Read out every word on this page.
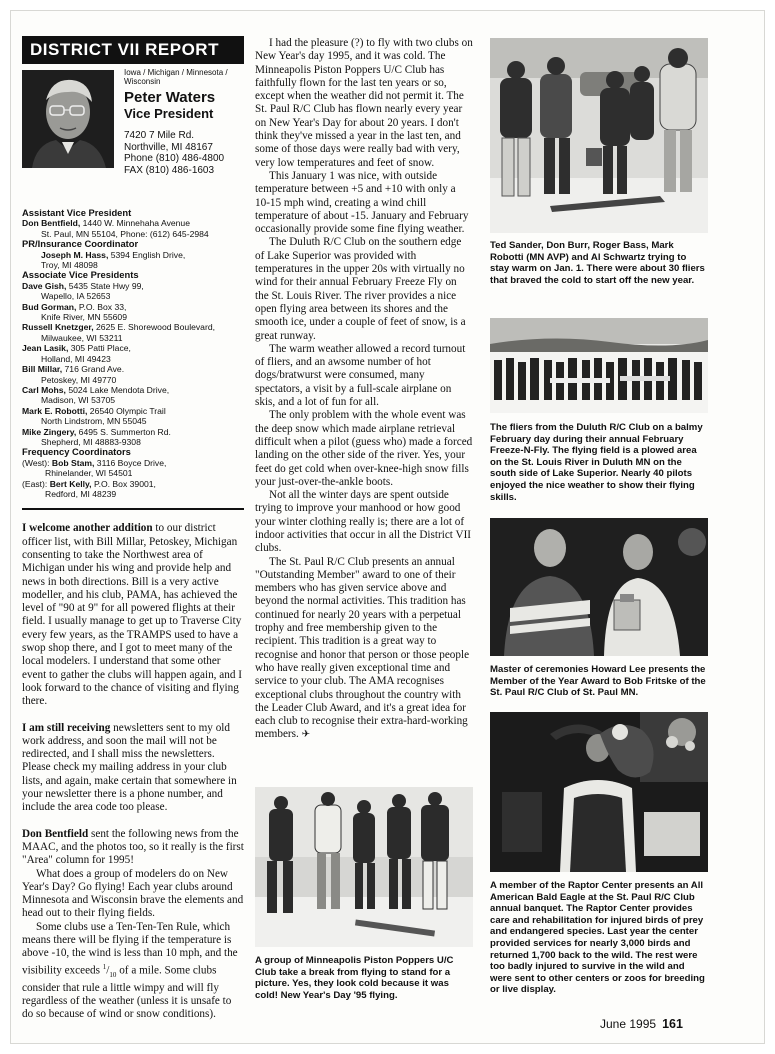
DISTRICT VII REPORT
Iowa / Michigan / Minnesota / Wisconsin
Peter Waters
Vice President
7420 7 Mile Rd.
Northville, MI 48167
Phone (810) 486-4800
FAX (810) 486-1603
Assistant Vice President
Don Bentfield, 1440 W. Minnehaha Avenue
St. Paul, MN 55104, Phone: (612) 645-2984
PR/Insurance Coordinator
Joseph M. Hass, 5394 English Drive,
Troy, MI 48098
Associate Vice Presidents
Dave Gish, 5435 State Hwy 99,
Wapello, IA 52653
Bud Gorman, P.O. Box 33,
Knife River, MN 55609
Russell Knetzger, 2625 E. Shorewood Boulevard,
Milwaukee, WI 53211
Jean Lasik, 305 Patti Place,
Holland, MI 49423
Bill Millar, 716 Grand Ave.
Petoskey, MI 49770
Carl Mohs, 5024 Lake Mendota Drive,
Madison, WI 53705
Mark E. Robotti, 26540 Olympic Trail
North Lindstrom, MN 55045
Mike Zingery, 6495 S. Summerton Rd.
Shepherd, MI 48883-9308
Frequency Coordinators
(West): Bob Stam, 3116 Boyce Drive,
Rhinelander, WI 54501
(East): Bert Kelly, P.O. Box 39001,
Redford, MI 48239

I welcome another addition to our district officer list, with Bill Millar, Petoskey, Michigan consenting to take the Northwest area of Michigan under his wing and provide help and news in both directions. Bill is a very active modeller, and his club, PAMA, has achieved the level of "90 at 9" for all powered flights at their field. I usually manage to get up to Traverse City every few years, as the TRAMPS used to have a swop shop there, and I got to meet many of the local modelers. I understand that some other event to gather the clubs will happen again, and I look forward to the chance of visiting and flying there.

I am still receiving newsletters sent to my old work address, and soon the mail will not be redirected, and I shall miss the newsletters. Please check my mailing address in your club lists, and again, make certain that somewhere in your newsletter there is a phone number, and include the area code too please.

Don Bentfield sent the following news from the MAAC, and the photos too, so it really is the first "Area" column for 1995!

What does a group of modelers do on New Year's Day? Go flying! Each year clubs around Minnesota and Wisconsin brave the elements and head out to their flying fields.

Some clubs use a Ten-Ten-Ten Rule, which means there will be flying if the temperature is above -10, the wind is less than 10 mph, and the visibility exceeds $^1/_{10}$ of a mile. Some clubs consider that rule a little wimpy and will fly regardless of the weather (unless it is unsafe to do so because of wind or snow conditions).

I had the pleasure (?) to fly with two clubs on New Year's day 1995, and it was cold. The Minneapolis Piston Poppers U/C Club has faithfully flown for the last ten years or so, except when the weather did not permit it. The St. Paul R/C Club has flown nearly every year on New Year's Day for about 20 years. I don't think they've missed a year in the last ten, and some of those days were really bad with very, very low temperatures and feet of snow.

This January 1 was nice, with outside temperature between +5 and +10 with only a 10-15 mph wind, creating a wind chill temperature of about -15. January and February occasionally provide some fine flying weather.

The Duluth R/C Club on the southern edge of Lake Superior was provided with temperatures in the upper 20s with virtually no wind for their annual February Freeze Fly on the St. Louis River. The river provides a nice open flying area between its shores and the smooth ice, under a couple of feet of snow, is a great runway.

The warm weather allowed a record turnout of fliers, and an awsome number of hot dogs/bratwurst were consumed, many spectators, a visit by a full-scale airplane on skis, and a lot of fun for all.

The only problem with the whole event was the deep snow which made airplane retrieval difficult when a pilot (guess who) made a forced landing on the other side of the river. Yes, your feet do get cold when over-knee-high snow fills your just-over-the-ankle boots.

Not all the winter days are spent outside trying to improve your manhood or how good your winter clothing really is; there are a lot of indoor activities that occur in all the District VII clubs.

The St. Paul R/C Club presents an annual "Outstanding Member" award to one of their members who has given service above and beyond the normal activities. This tradition has continued for nearly 20 years with a perpetual trophy and free membership given to the recipient. This tradition is a great way to recognise and honor that person or those people who have really given exceptional time and service to your club. The AMA recognises exceptional clubs throughout the country with the Leader Club Award, and it's a great idea for each club to recognise their extra-hard-working members. ✈

A group of Minneapolis Piston Poppers U/C Club take a break from flying to stand for a picture. Yes, they look cold because it was cold! New Year's Day '95 flying.
Ted Sander, Don Burr, Roger Bass, Mark Robotti (MN AVP) and Al Schwartz trying to stay warm on Jan. 1. There were about 30 fliers that braved the cold to start off the new year.
The fliers from the Duluth R/C Club on a balmy February day during their annual February Freeze-N-Fly. The flying field is a plowed area on the St. Louis River in Duluth MN on the south side of Lake Superior. Nearly 40 pilots enjoyed the nice weather to show their flying skills.
Master of ceremonies Howard Lee presents the Member of the Year Award to Bob Fritske of the St. Paul R/C Club of St. Paul MN.
A member of the Raptor Center presents an All American Bald Eagle at the St. Paul R/C Club annual banquet. The Raptor Center provides care and rehabilitation for injured birds of prey and endangered species. Last year the center provided services for nearly 3,000 birds and returned 1,700 back to the wild. The rest were too badly injured to survive in the wild and were sent to other centers or zoos for breeding or live display.
June 1995 161
